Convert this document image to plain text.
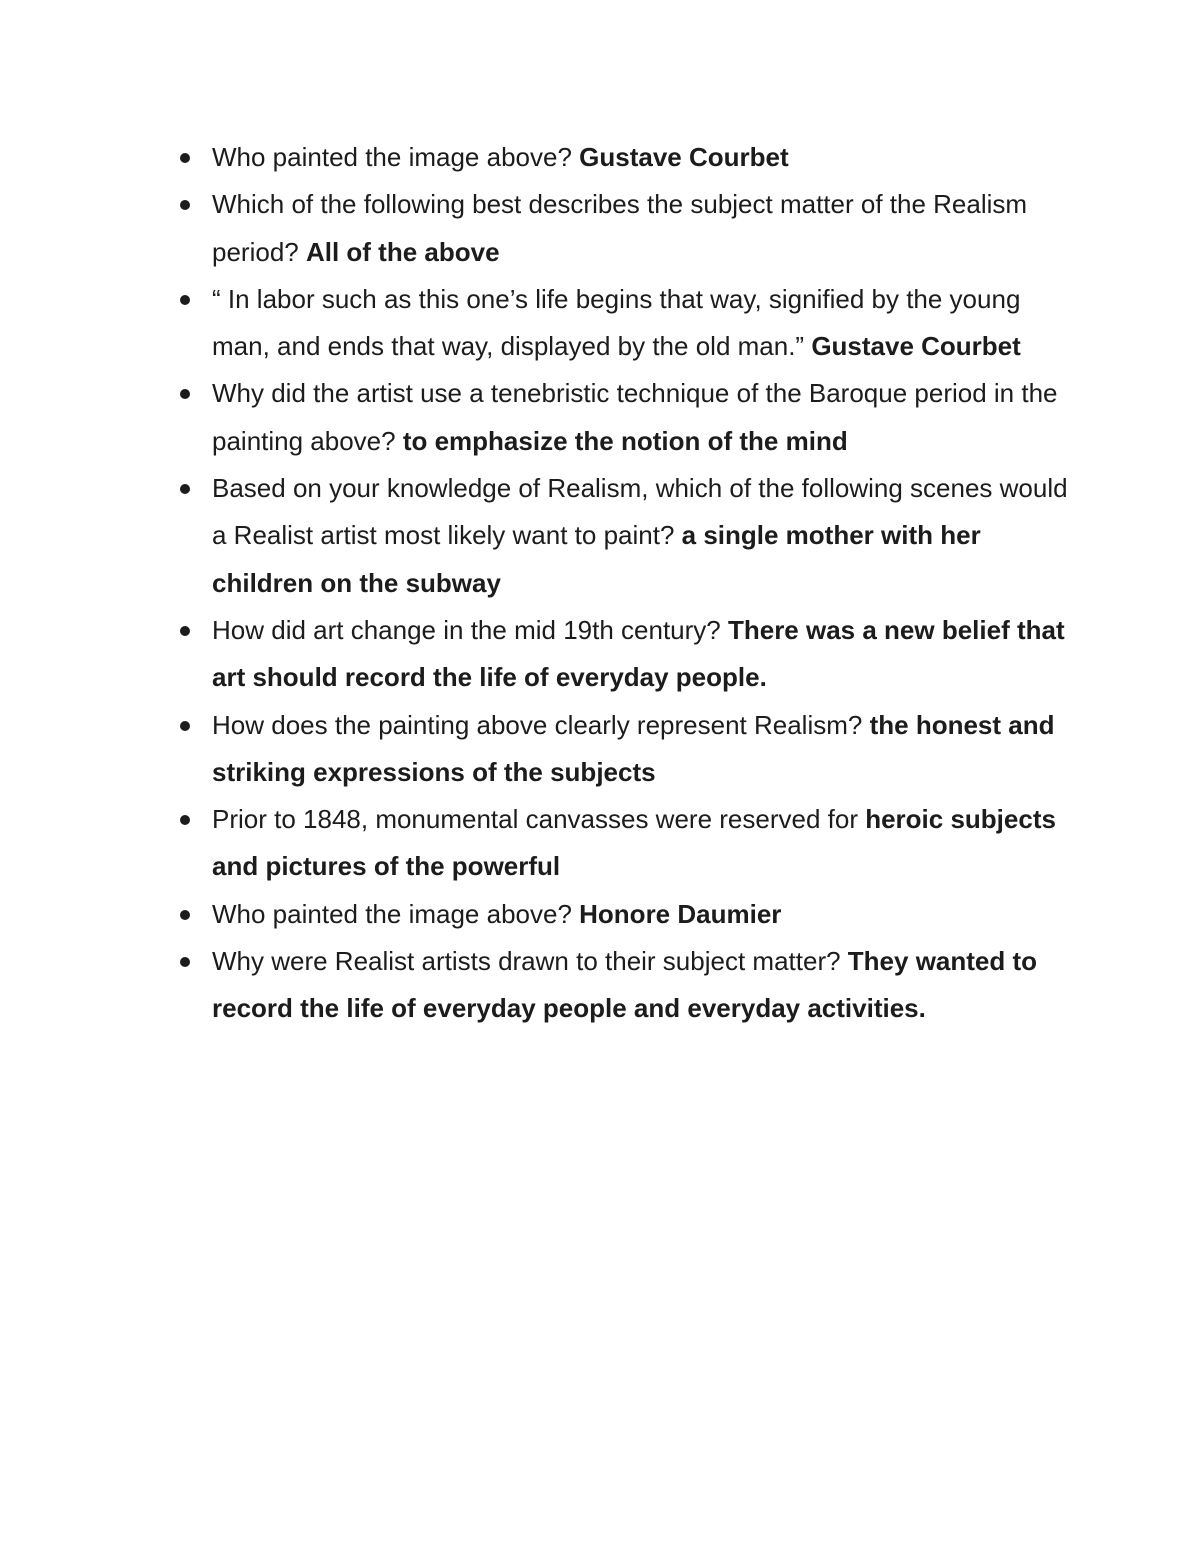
Who painted the image above? Gustave Courbet
Which of the following best describes the subject matter of the Realism period? All of the above
“ In labor such as this one’s life begins that way, signified by the young man, and ends that way, displayed by the old man.” Gustave Courbet
Why did the artist use a tenebristic technique of the Baroque period in the painting above? to emphasize the notion of the mind
Based on your knowledge of Realism, which of the following scenes would a Realist artist most likely want to paint? a single mother with her children on the subway
How did art change in the mid 19th century? There was a new belief that art should record the life of everyday people.
How does the painting above clearly represent Realism? the honest and striking expressions of the subjects
Prior to 1848, monumental canvasses were reserved for heroic subjects and pictures of the powerful
Who painted the image above? Honore Daumier
Why were Realist artists drawn to their subject matter? They wanted to record the life of everyday people and everyday activities.
